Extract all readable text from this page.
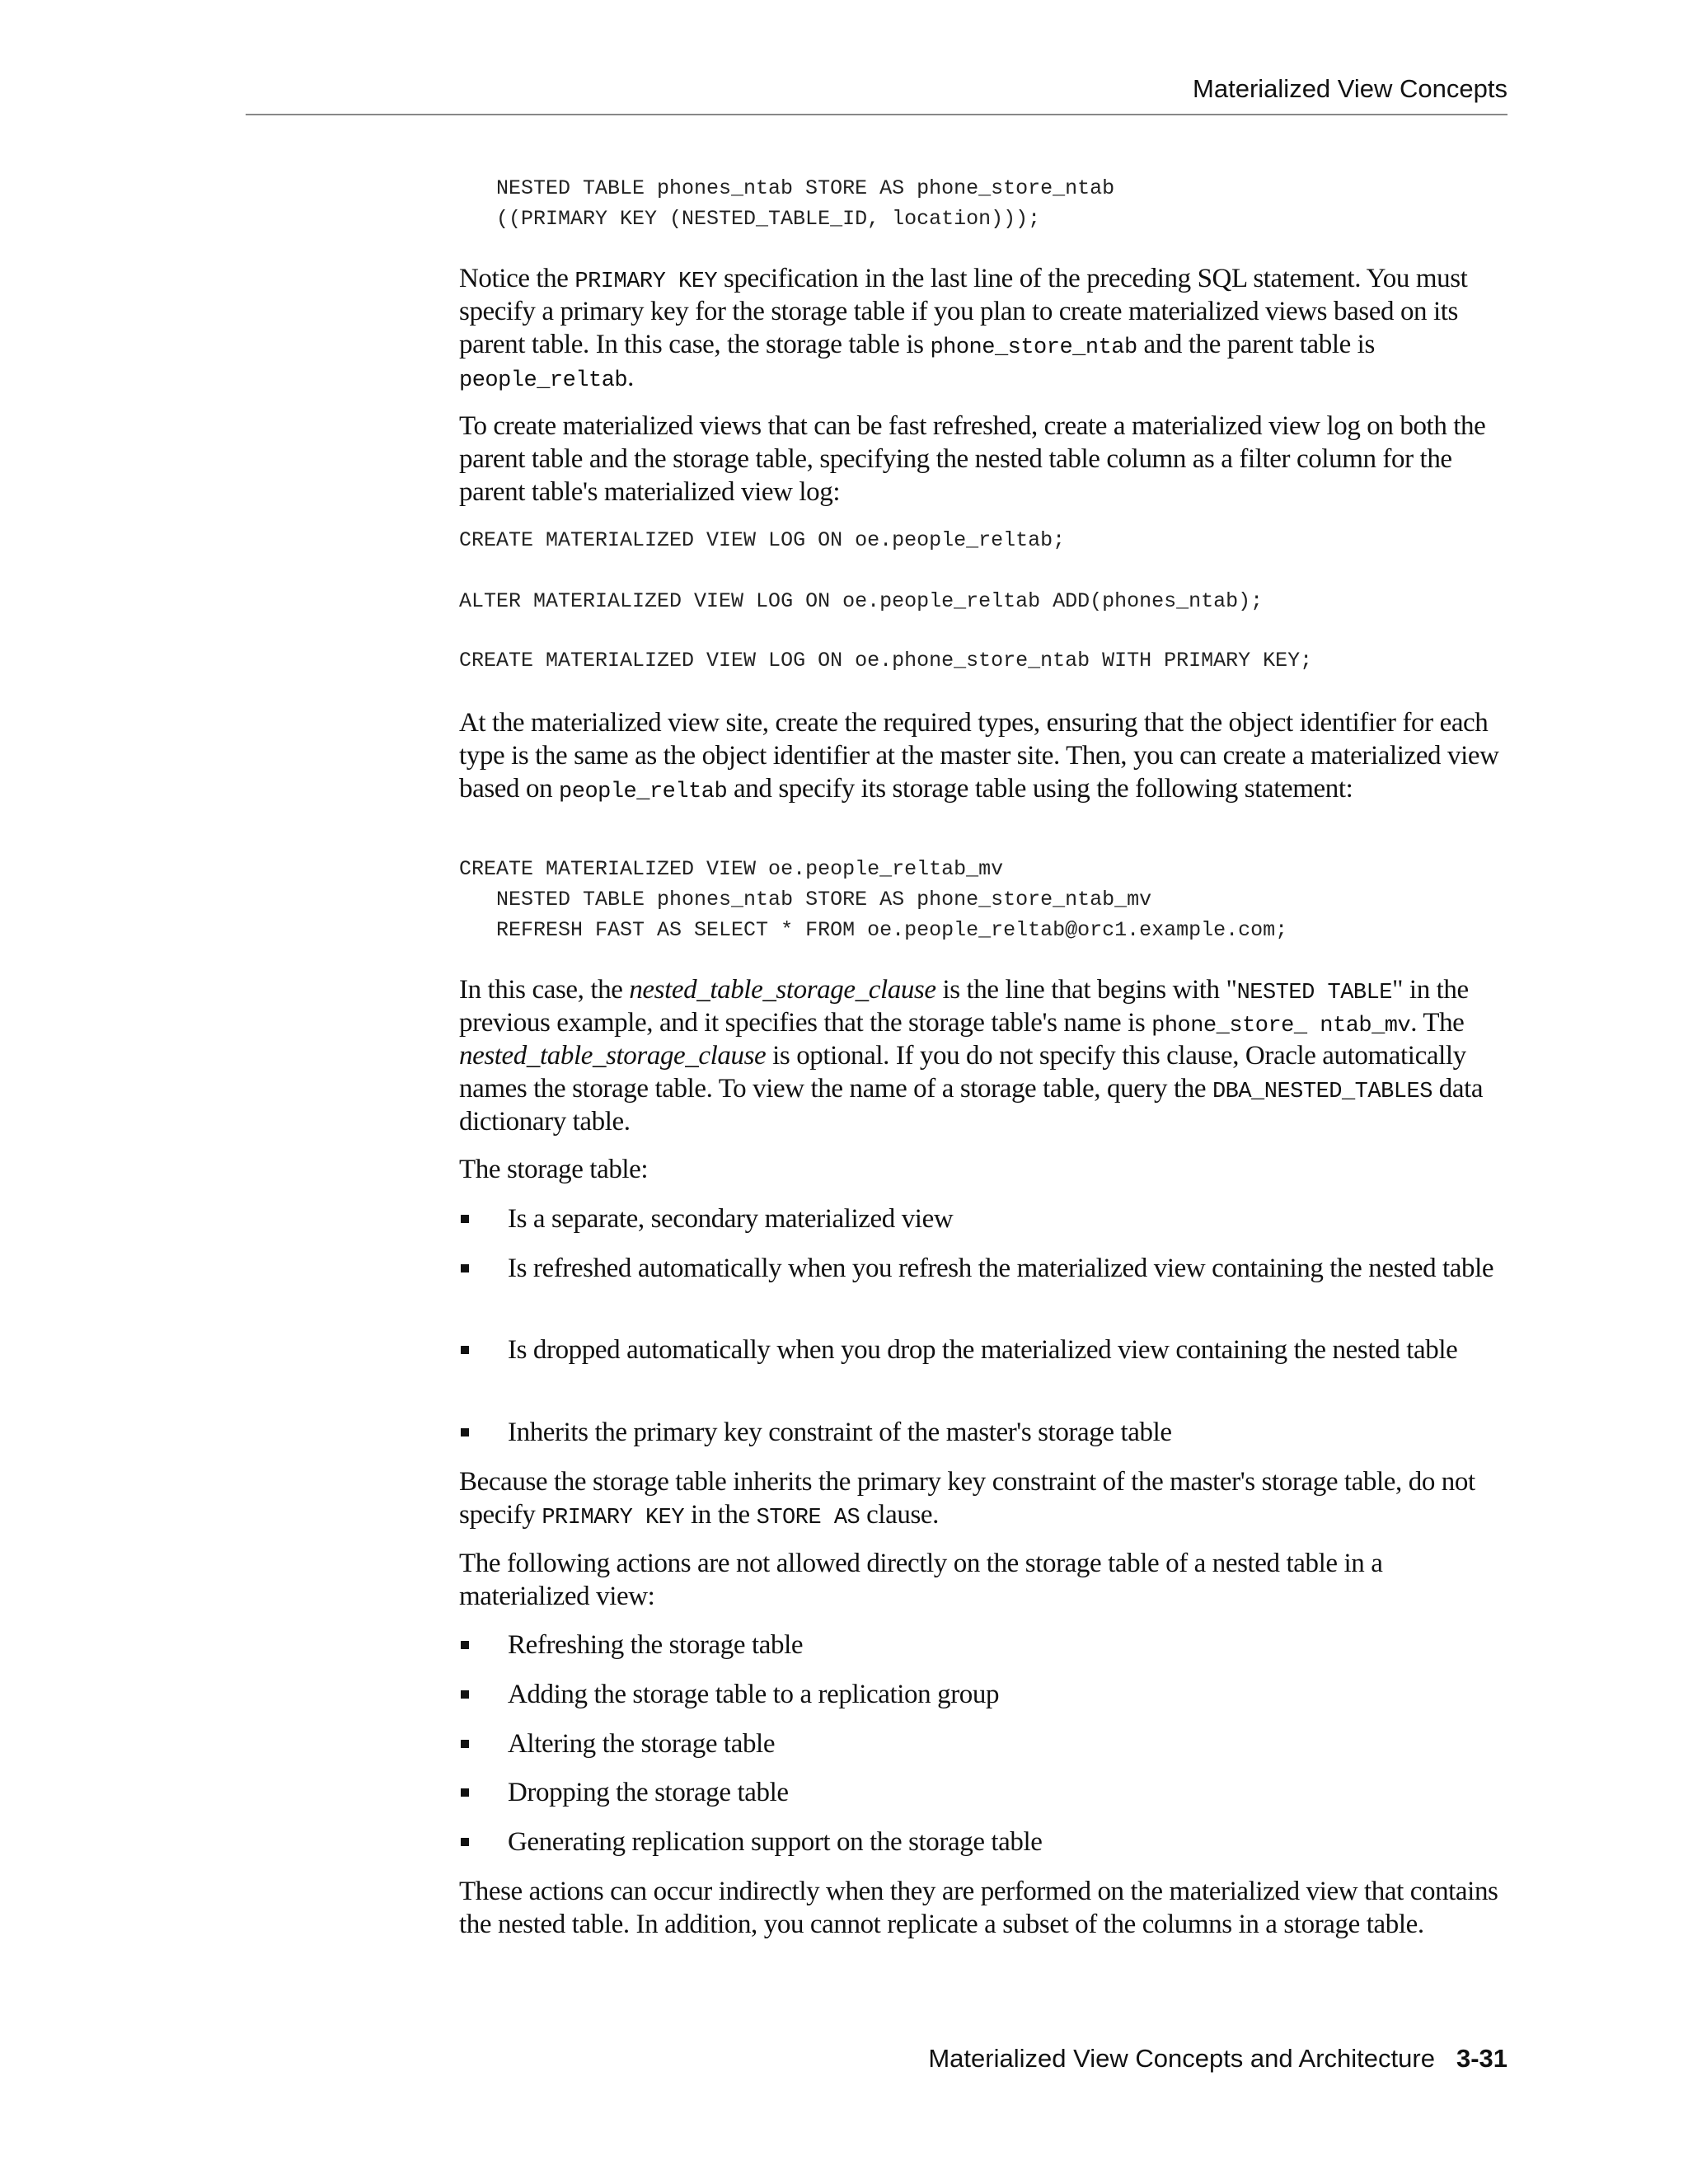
Materialized View Concepts
NESTED TABLE phones_ntab STORE AS phone_store_ntab
((PRIMARY KEY (NESTED_TABLE_ID, location)));

Notice the PRIMARY KEY specification in the last line of the preceding SQL statement. You must specify a primary key for the storage table if you plan to create materialized views based on its parent table. In this case, the storage table is phone_store_ntab and the parent table is people_reltab.

To create materialized views that can be fast refreshed, create a materialized view log on both the parent table and the storage table, specifying the nested table column as a filter column for the parent table's materialized view log:

CREATE MATERIALIZED VIEW LOG ON oe.people_reltab;
ALTER MATERIALIZED VIEW LOG ON oe.people_reltab ADD(phones_ntab);
CREATE MATERIALIZED VIEW LOG ON oe.phone_store_ntab WITH PRIMARY KEY;

At the materialized view site, create the required types, ensuring that the object identifier for each type is the same as the object identifier at the master site. Then, you can create a materialized view based on people_reltab and specify its storage table using the following statement:

CREATE MATERIALIZED VIEW oe.people_reltab_mv
NESTED TABLE phones_ntab STORE AS phone_store_ntab_mv
REFRESH FAST AS SELECT * FROM oe.people_reltab@orc1.example.com;

In this case, the nested_table_storage_clause is the line that begins with "NESTED TABLE" in the previous example, and it specifies that the storage table's name is phone_store_ ntab_mv. The nested_table_storage_clause is optional. If you do not specify this clause, Oracle automatically names the storage table. To view the name of a storage table, query the DBA_NESTED_TABLES data dictionary table.

The storage table:

Is a separate, secondary materialized view
Is refreshed automatically when you refresh the materialized view containing the nested table
Is dropped automatically when you drop the materialized view containing the nested table
Inherits the primary key constraint of the master's storage table

Because the storage table inherits the primary key constraint of the master's storage table, do not specify PRIMARY KEY in the STORE AS clause.

The following actions are not allowed directly on the storage table of a nested table in a materialized view:

Refreshing the storage table
Adding the storage table to a replication group
Altering the storage table
Dropping the storage table
Generating replication support on the storage table

These actions can occur indirectly when they are performed on the materialized view that contains the nested table. In addition, you cannot replicate a subset of the columns in a storage table.

Materialized View Concepts and Architecture 3-31
